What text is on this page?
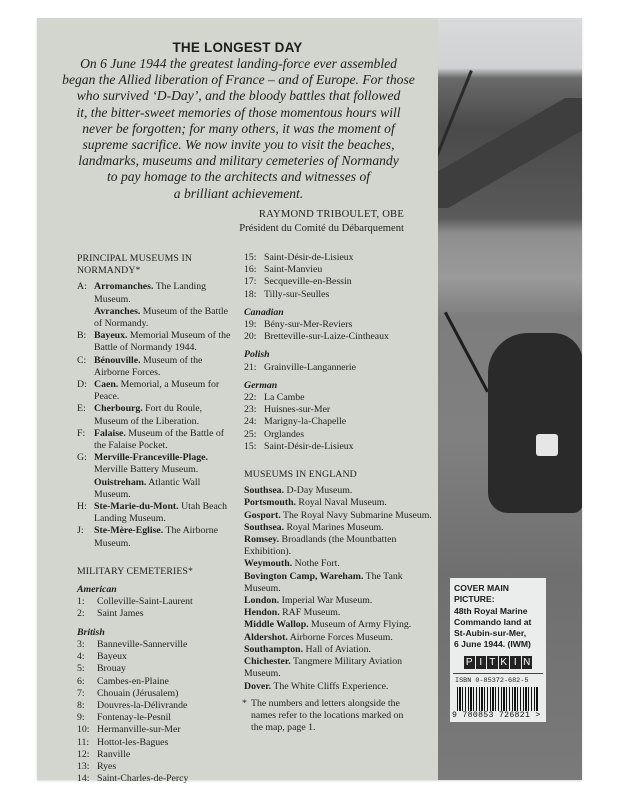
THE LONGEST DAY
On 6 June 1944 the greatest landing-force ever assembled
began the Allied liberation of France – and of Europe. For those
who survived ‘D-Day’, and the bloody battles that followed
it, the bitter-sweet memories of those momentous hours will
never be forgotten; for many others, it was the moment of
supreme sacrifice. We now invite you to visit the beaches,
landmarks, museums and military cemeteries of Normandy
to pay homage to the architects and witnesses of
a brilliant achievement.
RAYMOND TRIBOULET, OBE
Président du Comité du Débarquement
PRINCIPAL MUSEUMS IN
NORMANDY*
A: Arromanches. The Landing Museum.
Avranches. Museum of the Battle of Normandy.
B: Bayeux. Memorial Museum of the Battle of Normandy 1944.
C: Bénouville. Museum of the Airborne Forces.
D: Caen. Memorial, a Museum for Peace.
E: Cherbourg. Fort du Roule, Museum of the Liberation.
F: Falaise. Museum of the Battle of the Falaise Pocket.
G: Merville-Franceville-Plage. Merville Battery Museum.
Ouistreham. Atlantic Wall Museum.
H: Ste-Marie-du-Mont. Utah Beach Landing Museum.
J:	Ste-Mère-Eglise. The Airborne Museum.
MILITARY CEMETERIES*
American
1:	Colleville-Saint-Laurent
2:	Saint James
British
3:	Banneville-Sannerville
4:	Bayeux
5:	Brouay
6:	Cambes-en-Plaine
7:	Chouain (Jérusalem)
8:	Douvres-la-Délivrande
9:	Fontenay-le-Pesnil
10: Hermanville-sur-Mer
11: Hottot-les-Bagues
12: Ranville
13: Ryes
14: Saint-Charles-de-Percy
15: Saint-Désir-de-Lisieux
16: Saint-Manvieu
17: Secqueville-en-Bessin
18: Tilly-sur-Seulles
Canadian
19: Bény-sur-Mer-Reviers
20: Bretteville-sur-Laize-Cintheaux
Polish
21: Grainville-Langannerie
German
22: La Cambe
23: Huisnes-sur-Mer
24: Marigny-la-Chapelle
25: Orglandes
15: Saint-Désir-de-Lisieux
MUSEUMS IN ENGLAND
Southsea. D-Day Museum.
Portsmouth. Royal Naval Museum.
Gosport. The Royal Navy Submarine Museum.
Southsea. Royal Marines Museum.
Romsey. Broadlands (the Mountbatten Exhibition).
Weymouth. Nothe Fort.
Bovington Camp, Wareham. The Tank Museum.
London. Imperial War Museum.
Hendon. RAF Museum.
Middle Wallop. Museum of Army Flying.
Aldershot. Airborne Forces Museum.
Southampton. Hall of Aviation.
Chichester. Tangmere Military Aviation Museum.
Dover. The White Cliffs Experience.
* The numbers and letters alongside the names refer to the locations marked on the map, page 1.
COVER MAIN PICTURE:
48th Royal Marine
Commando land at
St-Aubin-sur-Mer,
6 June 1944. (IWM)
P I T K I N
ISBN 0-85372-682-5
9 780853 726821 >
